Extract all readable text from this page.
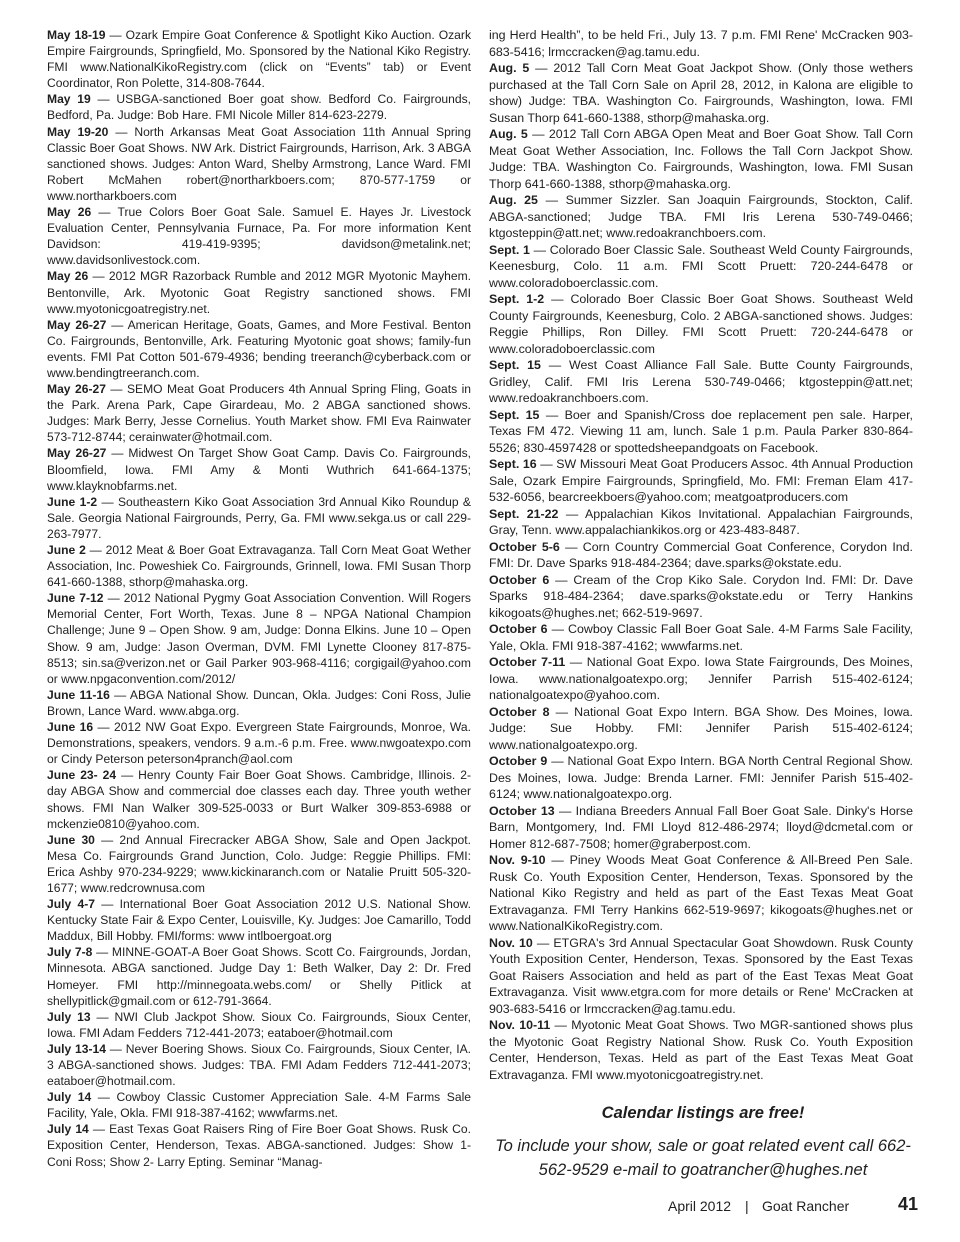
May 18-19 — Ozark Empire Goat Conference & Spotlight Kiko Auction. Ozark Empire Fairgrounds, Springfield, Mo. Sponsored by the National Kiko Registry. FMI www.NationalKikoRegistry.com (click on “Events” tab) or Event Coordinator, Ron Polette, 314-808-7644.

May 19 — USBGA-sanctioned Boer goat show. Bedford Co. Fairgrounds, Bedford, Pa. Judge: Bob Hare. FMI Nicole Miller 814-623-2279.

May 19-20 — North Arkansas Meat Goat Association 11th Annual Spring Classic Boer Goat Shows. NW Ark. District Fairgrounds, Harrison, Ark. 3 ABGA sanctioned shows. Judges: Anton Ward, Shelby Armstrong, Lance Ward. FMI Robert McMahen robert@northarkboers.com; 870-577-1759 or www.northarkboers.com

May 26 — True Colors Boer Goat Sale. Samuel E. Hayes Jr. Livestock Evaluation Center, Pennsylvania Furnace, Pa. For more information Kent Davidson: 419-419-9395; davidson@metalink.net; www.davidsonlivestock.com.

May 26 — 2012 MGR Razorback Rumble and 2012 MGR Myotonic Mayhem. Bentonville, Ark. Myotonic Goat Registry sanctioned shows. FMI www.myotonicgoatregistry.net.

May 26-27 — American Heritage, Goats, Games, and More Festival. Benton Co. Fairgrounds, Bentonville, Ark. Featuring Myotonic goat shows; family-fun events. FMI Pat Cotton 501-679-4936; bending treeranch@cyberback.com or www.bendingtreeranch.com.

May 26-27 — SEMO Meat Goat Producers 4th Annual Spring Fling, Goats in the Park. Arena Park, Cape Girardeau, Mo. 2 ABGA sanctioned shows. Judges: Mark Berry, Jesse Cornelius. Youth Market show. FMI Eva Rainwater 573-712-8744; cerainwater@hotmail.com.

May 26-27 — Midwest On Target Show Goat Camp. Davis Co. Fairgrounds, Bloomfield, Iowa. FMI Amy & Monti Wuthrich 641-664-1375; www.klayknobfarms.net.

June 1-2 — Southeastern Kiko Goat Association 3rd Annual Kiko Roundup & Sale. Georgia National Fairgrounds, Perry, Ga. FMI www.sekga.us or call 229-263-7977.

June 2 — 2012 Meat & Boer Goat Extravaganza. Tall Corn Meat Goat Wether Association, Inc. Poweshiek Co. Fairgrounds, Grinnell, Iowa. FMI Susan Thorp 641-660-1388, sthorp@mahaska.org.

June 7-12 — 2012 National Pygmy Goat Association Convention. Will Rogers Memorial Center, Fort Worth, Texas. June 8 – NPGA National Champion Challenge; June 9 – Open Show. 9 am, Judge: Donna Elkins. June 10 – Open Show. 9 am, Judge: Jason Overman, DVM. FMI Lynette Clooney 817-875-8513; sin.sa@verizon.net or Gail Parker 903-968-4116; corgigail@yahoo.com or www.npgaconvention.com/2012/

June 11-16 — ABGA National Show. Duncan, Okla. Judges: Coni Ross, Julie Brown, Lance Ward. www.abga.org.

June 16 — 2012 NW Goat Expo. Evergreen State Fairgrounds, Monroe, Wa. Demonstrations, speakers, vendors. 9 a.m.-6 p.m. Free. www.nwgoatexpo.com or Cindy Peterson peterson4pranch@aol.com

June 23- 24 — Henry County Fair Boer Goat Shows. Cambridge, Illinois. 2-day ABGA Show and commercial doe classes each day. Three youth wether shows. FMI Nan Walker 309-525-0033 or Burt Walker 309-853-6988 or mckenzie0810@yahoo.com.

June 30 — 2nd Annual Firecracker ABGA Show, Sale and Open Jackpot. Mesa Co. Fairgrounds Grand Junction, Colo. Judge: Reggie Phillips. FMI: Erica Ashby 970-234-9229; www.kickinaranch.com or Natalie Pruitt 505-320-1677; www.redcrownusa.com

July 4-7 — International Boer Goat Association 2012 U.S. National Show. Kentucky State Fair & Expo Center, Louisville, Ky. Judges: Joe Camarillo, Todd Maddux, Bill Hobby. FMI/forms: www intlboergoat.org

July 7-8 — MINNE-GOAT-A Boer Goat Shows. Scott Co. Fairgrounds, Jordan, Minnesota. ABGA sanctioned. Judge Day 1: Beth Walker, Day 2: Dr. Fred Homeyer. FMI http://minnegoata.webs.com/ or Shelly Pitlick at shellypitlick@gmail.com or 612-791-3664.

July 13 — NWI Club Jackpot Show. Sioux Co. Fairgrounds, Sioux Center, Iowa. FMI Adam Fedders 712-441-2073; eataboer@hotmail.com

July 13-14 — Never Boering Shows. Sioux Co. Fairgrounds, Sioux Center, IA. 3 ABGA-sanctioned shows. Judges: TBA. FMI Adam Fedders 712-441-2073; eataboer@hotmail.com.

July 14 — Cowboy Classic Customer Appreciation Sale. 4-M Farms Sale Facility, Yale, Okla. FMI 918-387-4162; wwwfarms.net.

July 14 — East Texas Goat Raisers Ring of Fire Boer Goat Shows. Rusk Co. Exposition Center, Henderson, Texas. ABGA-sanctioned. Judges: Show 1- Coni Ross; Show 2- Larry Epting. Seminar “Manag-

ing Herd Health”, to be held Fri., July 13. 7 p.m. FMI Rene' McCracken 903-683-5416; lrmccracken@ag.tamu.edu.

Aug. 5 — 2012 Tall Corn Meat Goat Jackpot Show. (Only those wethers purchased at the Tall Corn Sale on April 28, 2012, in Kalona are eligible to show) Judge: TBA. Washington Co. Fairgrounds, Washington, Iowa. FMI Susan Thorp 641-660-1388, sthorp@mahaska.org.

Aug. 5 — 2012 Tall Corn ABGA Open Meat and Boer Goat Show. Tall Corn Meat Goat Wether Association, Inc. Follows the Tall Corn Jackpot Show. Judge: TBA. Washington Co. Fairgrounds, Washington, Iowa. FMI Susan Thorp 641-660-1388, sthorp@mahaska.org.

Aug. 25 — Summer Sizzler. San Joaquin Fairgrounds, Stockton, Calif. ABGA-sanctioned; Judge TBA. FMI Iris Lerena 530-749-0466; ktgosteppin@att.net; www.redoakranchboers.com.

Sept. 1 — Colorado Boer Classic Sale. Southeast Weld County Fairgrounds, Keenesburg, Colo. 11 a.m. FMI Scott Pruett: 720-244-6478 or www.coloradoboerclassic.com.

Sept. 1-2 — Colorado Boer Classic Boer Goat Shows. Southeast Weld County Fairgrounds, Keenesburg, Colo. 2 ABGA-sanctioned shows. Judges: Reggie Phillips, Ron Dilley. FMI Scott Pruett: 720-244-6478 or www.coloradoboerclassic.com

Sept. 15 — West Coast Alliance Fall Sale. Butte County Fairgrounds, Gridley, Calif. FMI Iris Lerena 530-749-0466; ktgosteppin@att.net; www.redoakranchboers.com.

Sept. 15 — Boer and Spanish/Cross doe replacement pen sale. Harper, Texas FM 472. Viewing 11 am, lunch. Sale 1 p.m. Paula Parker 830-864-5526; 830-4597428 or spottedsheepandgoats on Facebook.

Sept. 16 — SW Missouri Meat Goat Producers Assoc. 4th Annual Production Sale, Ozark Empire Fairgrounds, Springfield, Mo. FMI: Freman Elam 417-532-6056, bearcreekboers@yahoo.com; meatgoatproducers.com

Sept. 21-22 — Appalachian Kikos Invitational. Appalachian Fairgrounds, Gray, Tenn. www.appalachiankikos.org or 423-483-8487.

October 5-6 — Corn Country Commercial Goat Conference, Corydon Ind. FMI: Dr. Dave Sparks 918-484-2364; dave.sparks@okstate.edu.

October 6 — Cream of the Crop Kiko Sale. Corydon Ind. FMI: Dr. Dave Sparks 918-484-2364; dave.sparks@okstate.edu or Terry Hankins kikogoats@hughes.net; 662-519-9697.

October 6 — Cowboy Classic Fall Boer Goat Sale. 4-M Farms Sale Facility, Yale, Okla. FMI 918-387-4162; wwwfarms.net.

October 7-11 — National Goat Expo. Iowa State Fairgrounds, Des Moines, Iowa. www.nationalgoatexpo.org; Jennifer Parrish 515-402-6124; nationalgoatexpo@yahoo.com.

October 8 — National Goat Expo Intern. BGA Show. Des Moines, Iowa. Judge: Sue Hobby. FMI: Jennifer Parish 515-402-6124; www.nationalgoatexpo.org.

October 9 — National Goat Expo Intern. BGA North Central Regional Show. Des Moines, Iowa. Judge: Brenda Larner. FMI: Jennifer Parish 515-402-6124; www.nationalgoatexpo.org.

October 13 — Indiana Breeders Annual Fall Boer Goat Sale. Dinky's Horse Barn, Montgomery, Ind. FMI Lloyd 812-486-2974; lloyd@dcmetal.com or Homer 812-687-7508; homer@graberpost.com.

Nov. 9-10 — Piney Woods Meat Goat Conference & All-Breed Pen Sale. Rusk Co. Youth Exposition Center, Henderson, Texas. Sponsored by the National Kiko Registry and held as part of the East Texas Meat Goat Extravaganza. FMI Terry Hankins 662-519-9697; kikogoats@hughes.net or www.NationalKikoRegistry.com.

Nov. 10 — ETGRA's 3rd Annual Spectacular Goat Showdown. Rusk County Youth Exposition Center, Henderson, Texas. Sponsored by the East Texas Goat Raisers Association and held as part of the East Texas Meat Goat Extravaganza. Visit www.etgra.com for more details or Rene' McCracken at 903-683-5416 or lrmccracken@ag.tamu.edu.

Nov. 10-11 — Myotonic Meat Goat Shows. Two MGR-santioned shows plus the Myotonic Goat Registry National Show. Rusk Co. Youth Exposition Center, Henderson, Texas. Held as part of the East Texas Meat Goat Extravaganza. FMI www.myotonicgoatregistry.net.

Calendar listings are free!
To include your show, sale or goat related event call 662-562-9529 e-mail to goatrancher@hughes.net
April 2012 | Goat Rancher	41
